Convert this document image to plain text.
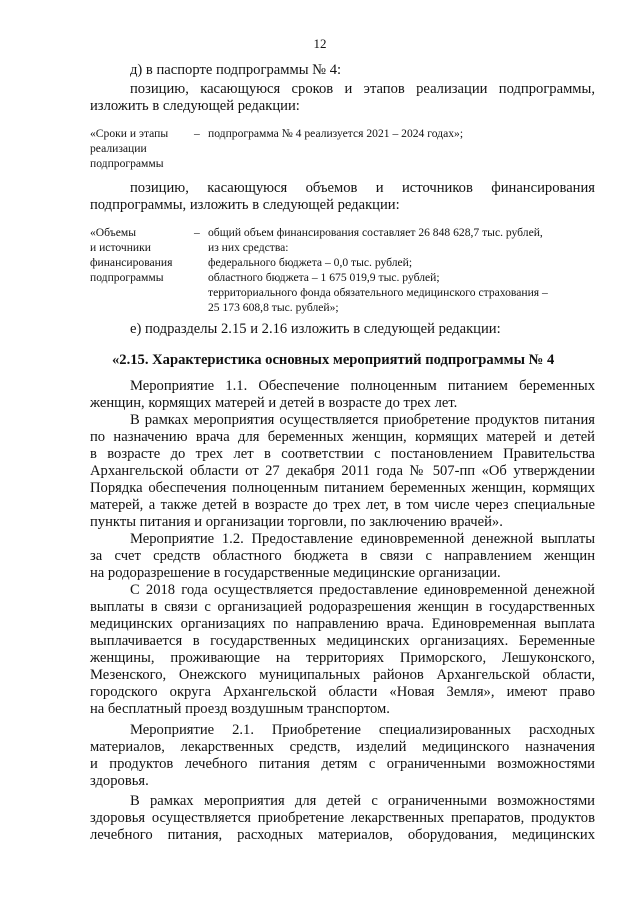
12
д) в паспорте подпрограммы № 4:
позицию, касающуюся сроков и этапов реализации подпрограммы,
изложить в следующей редакции:
«Сроки и этапы
реализации
подпрограммы
– подпрограмма № 4 реализуется 2021 – 2024 годах»;
позицию, касающуюся объемов и источников финансирования
подпрограммы, изложить в следующей редакции:
«Объемы
и источники
финансирования
подпрограммы
– общий объем финансирования составляет 26 848 628,7 тыс. рублей,
из них средства:
федерального бюджета – 0,0 тыс. рублей;
областного бюджета – 1 675 019,9 тыс. рублей;
территориального фонда обязательного медицинского страхования –
25 173 608,8 тыс. рублей»;
е) подразделы 2.15 и 2.16 изложить в следующей редакции:
«2.15. Характеристика основных мероприятий подпрограммы № 4
Мероприятие 1.1. Обеспечение полноценным питанием беременных
женщин, кормящих матерей и детей в возрасте до трех лет.
В рамках мероприятия осуществляется приобретение продуктов питания
по назначению врача для беременных женщин, кормящих матерей и детей
в возрасте до трех лет в соответствии с постановлением Правительства
Архангельской области от 27 декабря 2011 года № 507-пп «Об утверждении
Порядка обеспечения полноценным питанием беременных женщин, кормящих
матерей, а также детей в возрасте до трех лет, в том числе через специальные
пункты питания и организации торговли, по заключению врачей».
Мероприятие 1.2. Предоставление единовременной денежной выплаты
за счет средств областного бюджета в связи с направлением женщин
на родоразрешение в государственные медицинские организации.
С 2018 года осуществляется предоставление единовременной денежной
выплаты в связи с организацией родоразрешения женщин в государственных
медицинских организациях по направлению врача. Единовременная выплата
выплачивается в государственных медицинских организациях. Беременные
женщины, проживающие на территориях Приморского, Лешуконского,
Мезенского, Онежского муниципальных районов Архангельской области,
городского округа Архангельской области «Новая Земля», имеют право
на бесплатный проезд воздушным транспортом.
Мероприятие 2.1. Приобретение специализированных расходных
материалов, лекарственных средств, изделий медицинского назначения
и продуктов лечебного питания детям с ограниченными возможностями
здоровья.
В рамках мероприятия для детей с ограниченными возможностями
здоровья осуществляется приобретение лекарственных препаратов, продуктов
лечебного питания, расходных материалов, оборудования, медицинских
